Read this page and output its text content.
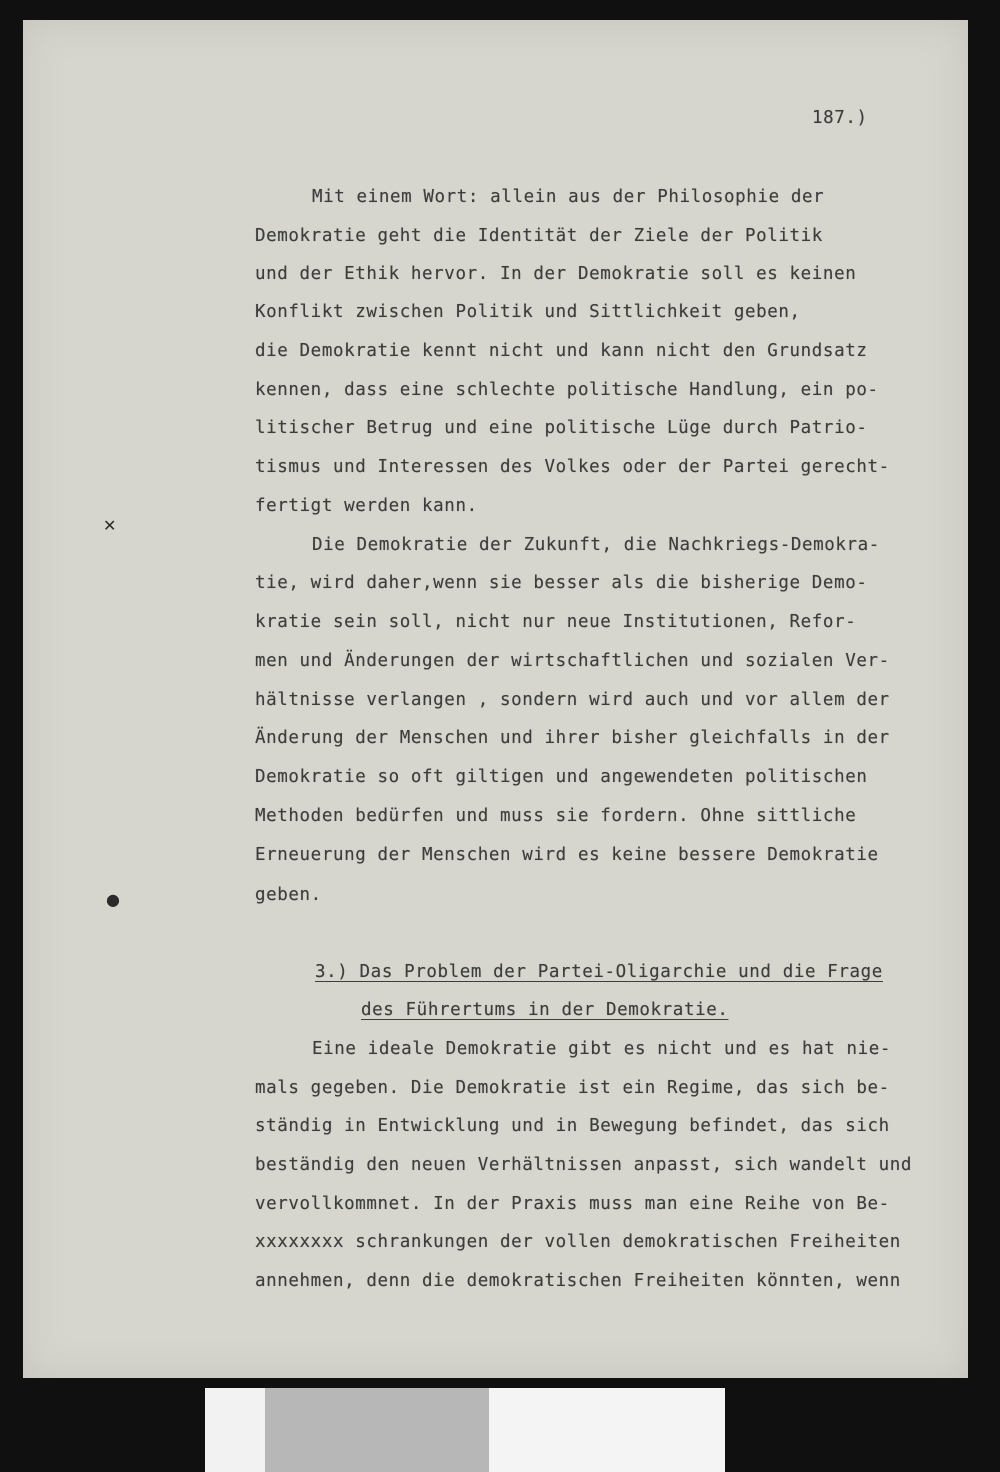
✕
●
187.)
Mit einem Wort: allein aus der Philosophie der
Demokratie geht die Identität der Ziele der Politik
und der Ethik hervor. In der Demokratie soll es keinen
Konflikt zwischen Politik und Sittlichkeit geben,
die Demokratie kennt nicht und kann nicht den Grundsatz
kennen, dass eine schlechte politische Handlung, ein po-
litischer Betrug und eine politische Lüge durch Patrio-
tismus und Interessen des Volkes oder der Partei gerecht-
fertigt werden kann.
Die Demokratie der Zukunft, die Nachkriegs-Demokra-
tie, wird daher,wenn sie besser als die bisherige Demo-
kratie sein soll, nicht nur neue Institutionen, Refor-
men und Änderungen der wirtschaftlichen und sozialen Ver-
hältnisse verlangen , sondern wird auch und vor allem der
Änderung der Menschen und ihrer bisher gleichfalls in der
Demokratie so oft giltigen und angewendeten politischen
Methoden bedürfen und muss sie fordern. Ohne sittliche
Erneuerung der Menschen wird es keine bessere Demokratie
geben.
3.) Das Problem der Partei-Oligarchie und die Frage
des Führertums in der Demokratie.
Eine ideale Demokratie gibt es nicht und es hat nie-
mals gegeben. Die Demokratie ist ein Regime, das sich be-
ständig in Entwicklung und in Bewegung befindet, das sich
beständig den neuen Verhältnissen anpasst, sich wandelt und
vervollkommnet. In der Praxis muss man eine Reihe von Be-
xxxxxxxx schrankungen der vollen demokratischen Freiheiten
annehmen, denn die demokratischen Freiheiten könnten, wenn
